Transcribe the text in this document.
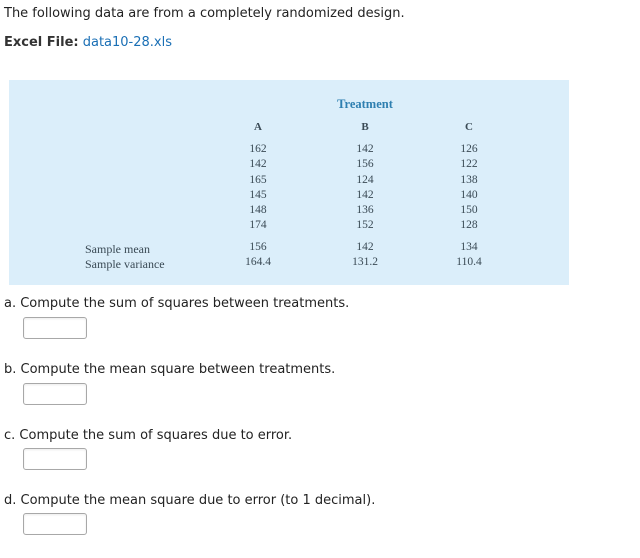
The following data are from a completely randomized design.

Excel File: data10-28.xls

Treatment
Sample mean
Sample variance
A
162
142
165
145
148
174
156
164.4
B
142
156
124
142
136
152
142
131.2
C
126
122
138
140
150
128
134
110.4

a. Compute the sum of squares between treatments.

b. Compute the mean square between treatments.

c. Compute the sum of squares due to error.

d. Compute the mean square due to error (to 1 decimal).
